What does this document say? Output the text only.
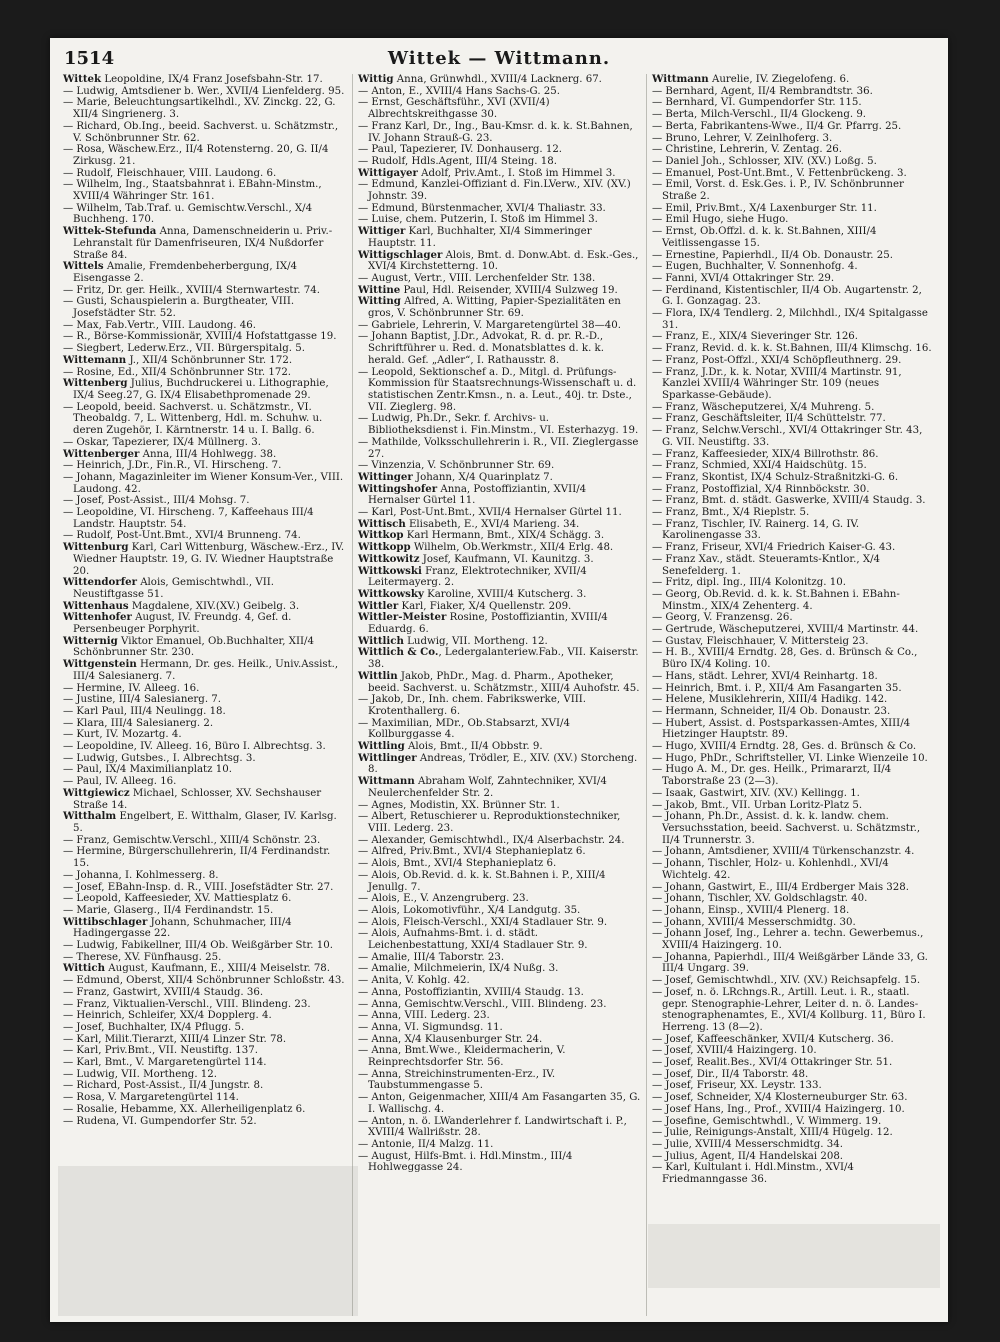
1514	Wittek — Wittmann.
Wittek Leopoldine, IX/4 Franz Josefsbahn-Str. 17.
— Ludwig, Amtsdiener b. Wer., XVII/4 Lienfelderg. 95.
— Marie, Beleuchtungsartikelhdl., XV. Zinckg. 22, G. XII/4 Singrienerg. 3.
— Richard, Ob.Ing., beeid. Sachverst. u. Schätzmstr., V. Schönbrunner Str. 62.
— Rosa, Wäschew.Erz., II/4 Rotensterng. 20, G. II/4 Zirkusg. 21.
— Rudolf, Fleischhauer, VIII. Laudong. 6.
— Wilhelm, Ing., Staatsbahnrat i. EBahn-Minstm., XVIII/4 Währinger Str. 161.
— Wilhelm, Tab.Traf. u. Gemischtw.Verschl., X/4 Buchheng. 170.
Wittek-Stefunda Anna, Damenschneiderin u. Priv.-Lehranstalt für Damenfriseuren, IX/4 Nußdorfer Straße 84.
Wittels Amalie, Fremdenbeherbergung, IX/4 Eisengasse 2.
— Fritz, Dr. ger. Heilk., XVIII/4 Sternwartestr. 74.
— Gusti, Schauspielerin a. Burgtheater, VIII. Josefstädter Str. 52.
— Max, Fab.Vertr., VIII. Laudong. 46.
— R., Börse-Kommissionär, XVIII/4 Hofstattgasse 19.
— Siegbert, Lederw.Erz., VII. Bürgerspitalg. 5.
Wittemann J., XII/4 Schönbrunner Str. 172.
— Rosine, Ed., XII/4 Schönbrunner Str. 172.
Wittenberg Julius, Buchdruckerei u. Lithographie, IX/4 Seeg.27, G. IX/4 Elisabethpromenade 29.
— Leopold, beeid. Sachverst. u. Schätzmstr., VI. Theobaldg. 7, L. Wittenberg, Hdl. m. Schuhw. u. deren Zugehör, I. Kärntnerstr. 14 u. I. Ballg. 6.
— Oskar, Tapezierer, IX/4 Müllnerg. 3.
Wittenberger Anna, III/4 Hohlwegg. 38.
— Heinrich, J.Dr., Fin.R., VI. Hirscheng. 7.
— Johann, Magazinleiter im Wiener Konsum-Ver., VIII. Laudong. 42.
— Josef, Post-Assist., III/4 Mohsg. 7.
— Leopoldine, VI. Hirscheng. 7, Kaffeehaus III/4 Landstr. Hauptstr. 54.
— Rudolf, Post-Unt.Bmt., XVI/4 Brunneng. 74.
Wittenburg Karl, Carl Wittenburg, Wäschew.-Erz., IV. Wiedner Hauptstr. 19, G. IV. Wiedner Hauptstraße 20.
Wittendorfer Alois, Gemischtwhdl., VII. Neustiftgasse 51.
Wittenhaus Magdalene, XIV.(XV.) Geibelg. 3.
Wittenhofer August, IV. Freundg. 4, Gef. d. Persenbeuger Porphyrit.
Witternig Viktor Emanuel, Ob.Buchhalter, XII/4 Schönbrunner Str. 230.
Wittgenstein Hermann, Dr. ges. Heilk., Univ.Assist., III/4 Salesianerg. 7.
— Hermine, IV. Alleeg. 16.
— Justine, III/4 Salesianerg. 7.
— Karl Paul, III/4 Neulingg. 18.
— Klara, III/4 Salesianerg. 2.
— Kurt, IV. Mozartg. 4.
— Leopoldine, IV. Alleeg. 16, Büro I. Albrechtsg. 3.
— Ludwig, Gutsbes., I. Albrechtsg. 3.
— Paul, IX/4 Maximilianplatz 10.
— Paul, IV. Alleeg. 16.
Wittgiewicz Michael, Schlosser, XV. Sechshauser Straße 14.
Witthalm Engelbert, E. Witthalm, Glaser, IV. Karlsg. 5.
— Franz, Gemischtw.Verschl., XIII/4 Schönstr. 23.
— Hermine, Bürgerschullehrerin, II/4 Ferdinandstr. 15.
— Johanna, I. Kohlmesserg. 8.
— Josef, EBahn-Insp. d. R., VIII. Josefstädter Str. 27.
— Leopold, Kaffeesieder, XV. Mattiesplatz 6.
— Marie, Glaserg., II/4 Ferdinandstr. 15.
Wittibschlager Johann, Schuhmacher, III/4 Hadingergasse 22.
— Ludwig, Fabikellner, III/4 Ob. Weißgärber Str. 10.
— Therese, XV. Fünfhausg. 25.
Wittich August, Kaufmann, E., XIII/4 Meiselstr. 78.
— Edmund, Oberst, XII/4 Schönbrunner Schloßstr. 43.
— Franz, Gastwirt, XVIII/4 Staudg. 36.
— Franz, Viktualien-Verschl., VIII. Blindeng. 23.
— Heinrich, Schleifer, XX/4 Dopplerg. 4.
— Josef, Buchhalter, IX/4 Pflugg. 5.
— Karl, Milit.Tierarzt, XIII/4 Linzer Str. 78.
— Karl, Priv.Bmt., VII. Neustiftg. 137.
— Karl, Bmt., V. Margaretengürtel 114.
— Ludwig, VII. Mortheng. 12.
— Richard, Post-Assist., II/4 Jungstr. 8.
— Rosa, V. Margaretengürtel 114.
— Rosalie, Hebamme, XX. Allerheiligenplatz 6.
— Rudena, VI. Gumpendorfer Str. 52.
Wittig Anna, Grünwhdl., XVIII/4 Lacknerg. 67.
— Anton, E., XVIII/4 Hans Sachs-G. 25.
— Ernst, Geschäftsführ., XVI (XVII/4) Albrechtskreithgasse 30.
— Franz Karl, Dr., Ing., Bau-Kmsr. d. k. k. St.Bahnen, IV. Johann Strauß-G. 23.
— Paul, Tapezierer, IV. Donhauserg. 12.
— Rudolf, Hdls.Agent, III/4 Steing. 18.
Wittigayer Adolf, Priv.Amt., I. Stoß im Himmel 3.
— Edmund, Kanzlei-Offiziant d. Fin.LVerw., XIV. (XV.) Johnstr. 39.
— Edmund, Bürstenmacher, XVI/4 Thaliastr. 33.
— Luise, chem. Putzerin, I. Stoß im Himmel 3.
Wittiger Karl, Buchhalter, XI/4 Simmeringer Hauptstr. 11.
Wittigschlager Alois, Bmt. d. Donw.Abt. d. Esk.-Ges., XVI/4 Kirchstetterng. 10.
— August, Vertr., VIII. Lerchenfelder Str. 138.
Wittine Paul, Hdl. Reisender, XVIII/4 Sulzweg 19.
Witting Alfred, A. Witting, Papier-Spezialitäten en gros, V. Schönbrunner Str. 69.
— Gabriele, Lehrerin, V. Margaretengürtel 38—40.
— Johann Baptist, J.Dr., Advokat, R. d. pr. R.-D., Schriftführer u. Red. d. Monatsblattes d. k. k. herald. Gef. „Adler“, I. Rathausstr. 8.
— Leopold, Sektionschef a. D., Mitgl. d. Prüfungs-Kommission für Staatsrechnungs-Wissenschaft u. d. statistischen Zentr.Kmsn., n. a. Leut., 40j. tr. Dste., VII. Zieglerg. 98.
— Ludwig, Ph.Dr., Sekr. f. Archivs- u. Bibliotheksdienst i. Fin.Minstm., VI. Esterhazyg. 19.
— Mathilde, Volksschullehrerin i. R., VII. Zieglergasse 27.
— Vinzenzia, V. Schönbrunner Str. 69.
Wittinger Johann, X/4 Quarinplatz 7.
Wittingshofer Anna, Postoffiziantin, XVII/4 Hernalser Gürtel 11.
— Karl, Post-Unt.Bmt., XVII/4 Hernalser Gürtel 11.
Wittisch Elisabeth, E., XVI/4 Marieng. 34.
Wittkop Karl Hermann, Bmt., XIX/4 Schägg. 3.
Wittkopp Wilhelm, Ob.Werkmstr., XII/4 Erlg. 48.
Wittkowitz Josef, Kaufmann, VI. Kaunitzg. 3.
Wittkowski Franz, Elektrotechniker, XVII/4 Leitermayerg. 2.
Wittkowsky Karoline, XVIII/4 Kutscherg. 3.
Wittler Karl, Fiaker, X/4 Quellenstr. 209.
Wittler-Meister Rosine, Postoffiziantin, XVIII/4 Eduardg. 6.
Wittlich Ludwig, VII. Mortheng. 12.
Wittlich & Co., Ledergalanteriew.Fab., VII. Kaiserstr. 38.
Wittlin Jakob, PhDr., Mag. d. Pharm., Apotheker, beeid. Sachverst. u. Schätzmstr., XIII/4 Auhofstr. 45.
— Jakob, Dr., Inh. chem. Fabrikswerke, VIII. Krotenthallerg. 6.
— Maximilian, MDr., Ob.Stabsarzt, XVI/4 Kollburggasse 4.
Wittling Alois, Bmt., II/4 Obbstr. 9.
Wittlinger Andreas, Trödler, E., XIV. (XV.) Storcheng. 8.
Wittmann Abraham Wolf, Zahntechniker, XVI/4 Neulerchenfelder Str. 2.
— Agnes, Modistin, XX. Brünner Str. 1.
— Albert, Retuschierer u. Reproduktionstechniker, VIII. Lederg. 23.
— Alexander, Gemischtwhdl., IX/4 Alserbachstr. 24.
— Alfred, Priv.Bmt., XVI/4 Stephanieplatz 6.
— Alois, Bmt., XVI/4 Stephanieplatz 6.
— Alois, Ob.Revid. d. k. k. St.Bahnen i. P., XIII/4 Jenullg. 7.
— Alois, E., V. Anzengruberg. 23.
— Alois, Lokomotivführ., X/4 Landgutg. 35.
— Alois, Fleisch-Verschl., XXI/4 Stadlauer Str. 9.
— Alois, Aufnahms-Bmt. i. d. städt. Leichenbestattung, XXI/4 Stadlauer Str. 9.
— Amalie, III/4 Taborstr. 23.
— Amalie, Milchmeierin, IX/4 Nußg. 3.
— Anita, V. Kohlg. 42.
— Anna, Postoffiziantin, XVIII/4 Staudg. 13.
— Anna, Gemischtw.Verschl., VIII. Blindeng. 23.
— Anna, VIII. Lederg. 23.
— Anna, VI. Sigmundsg. 11.
— Anna, X/4 Klausenburger Str. 24.
— Anna, Bmt.Wwe., Kleidermacherin, V. Reinprechtsdorfer Str. 56.
— Anna, Streichinstrumenten-Erz., IV. Taubstummengasse 5.
— Anton, Geigenmacher, XIII/4 Am Fasangarten 35, G. I. Wallischg. 4.
— Anton, n. ö. LWanderlehrer f. Landwirtschaft i. P., XVIII/4 Wallrißstr. 28.
— Antonie, II/4 Malzg. 11.
— August, Hilfs-Bmt. i. Hdl.Minstm., III/4 Hohlweggasse 24.
Wittmann Aurelie, IV. Ziegelofeng. 6.
— Bernhard, Agent, II/4 Rembrandtstr. 36.
— Bernhard, VI. Gumpendorfer Str. 115.
— Berta, Milch-Verschl., II/4 Glockeng. 9.
— Berta, Fabrikantens-Wwe., II/4 Gr. Pfarrg. 25.
— Bruno, Lehrer, V. Zeinlhoferg. 3.
— Christine, Lehrerin, V. Zentag. 26.
— Daniel Joh., Schlosser, XIV. (XV.) Loßg. 5.
— Emanuel, Post-Unt.Bmt., V. Fettenbrückeng. 3.
— Emil, Vorst. d. Esk.Ges. i. P., IV. Schönbrunner Straße 2.
— Emil, Priv.Bmt., X/4 Laxenburger Str. 11.
— Emil Hugo, siehe Hugo.
— Ernst, Ob.Offzl. d. k. k. St.Bahnen, XIII/4 Veitlissengasse 15.
— Ernestine, Papierhdl., II/4 Ob. Donaustr. 25.
— Eugen, Buchhalter, V. Sonnenhofg. 4.
— Fanni, XVI/4 Ottakringer Str. 29.
— Ferdinand, Kistentischler, II/4 Ob. Augartenstr. 2, G. I. Gonzagag. 23.
— Flora, IX/4 Tendlerg. 2, Milchhdl., IX/4 Spitalgasse 31.
— Franz, E., XIX/4 Sieveringer Str. 126.
— Franz, Revid. d. k. k. St.Bahnen, III/4 Klimschg. 16.
— Franz, Post-Offzl., XXI/4 Schöpfleuthnerg. 29.
— Franz, J.Dr., k. k. Notar, XVIII/4 Martinstr. 91, Kanzlei XVIII/4 Währinger Str. 109 (neues Sparkasse-Gebäude).
— Franz, Wäscheputzerei, X/4 Muhreng. 5.
— Franz, Geschäftsleiter, II/4 Schüttelstr. 77.
— Franz, Selchw.Verschl., XVI/4 Ottakringer Str. 43, G. VII. Neustiftg. 33.
— Franz, Kaffeesieder, XIX/4 Billrothstr. 86.
— Franz, Schmied, XXI/4 Haidschütg. 15.
— Franz, Skontist, IX/4 Schulz-Straßnitzki-G. 6.
— Franz, Postoffizial, X/4 Rinnböckstr. 30.
— Franz, Bmt. d. städt. Gaswerke, XVIII/4 Staudg. 3.
— Franz, Bmt., X/4 Rieplstr. 5.
— Franz, Tischler, IV. Rainerg. 14, G. IV. Karolinengasse 33.
— Franz, Friseur, XVI/4 Friedrich Kaiser-G. 43.
— Franz Xav., städt. Steueramts-Kntlor., X/4 Senefelderg. 1.
— Fritz, dipl. Ing., III/4 Kolonitzg. 10.
— Georg, Ob.Revid. d. k. k. St.Bahnen i. EBahn-Minstm., XIX/4 Zehenterg. 4.
— Georg, V. Franzensg. 26.
— Gertrude, Wäscheputzerei, XVIII/4 Martinstr. 44.
— Gustav, Fleischhauer, V. Mittersteig 23.
— H. B., XVIII/4 Erndtg. 28, Ges. d. Brünsch & Co., Büro IX/4 Koling. 10.
— Hans, städt. Lehrer, XVI/4 Reinhartg. 18.
— Heinrich, Bmt. i. P., XII/4 Am Fasangarten 35.
— Helene, Musiklehrerin, XIII/4 Hadikg. 142.
— Hermann, Schneider, II/4 Ob. Donaustr. 23.
— Hubert, Assist. d. Postsparkassen-Amtes, XIII/4 Hietzinger Hauptstr. 89.
— Hugo, XVIII/4 Erndtg. 28, Ges. d. Brünsch & Co.
— Hugo, PhDr., Schriftsteller, VI. Linke Wienzeile 10.
— Hugo A. M., Dr. ges. Heilk., Primararzt, II/4 Taborstraße 23 (2—3).
— Isaak, Gastwirt, XIV. (XV.) Kellingg. 1.
— Jakob, Bmt., VII. Urban Loritz-Platz 5.
— Johann, Ph.Dr., Assist. d. k. k. landw. chem. Versuchsstation, beeid. Sachverst. u. Schätzmstr., II/4 Trunnerstr. 3.
— Johann, Amtsdiener, XVIII/4 Türkenschanzstr. 4.
— Johann, Tischler, Holz- u. Kohlenhdl., XVI/4 Wichtelg. 42.
— Johann, Gastwirt, E., III/4 Erdberger Mais 328.
— Johann, Tischler, XV. Goldschlagstr. 40.
— Johann, Einsp., XVIII/4 Plenerg. 18.
— Johann, XVIII/4 Messerschmidtg. 30.
— Johann Josef, Ing., Lehrer a. techn. Gewerbemus., XVIII/4 Haizingerg. 10.
— Johanna, Papierhdl., III/4 Weißgärber Lände 33, G. III/4 Ungarg. 39.
— Josef, Gemischtwhdl., XIV. (XV.) Reichsapfelg. 15.
— Josef, n. ö. LRchngs.R., Artill. Leut. i. R., staatl. gepr. Stenographie-Lehrer, Leiter d. n. ö. Landes-stenographenamtes, E., XVI/4 Kollburg. 11, Büro I. Herreng. 13 (8—2).
— Josef, Kaffeeschänker, XVII/4 Kutscherg. 36.
— Josef, XVIII/4 Haizingerg. 10.
— Josef, Realit.Bes., XVI/4 Ottakringer Str. 51.
— Josef, Dir., II/4 Taborstr. 48.
— Josef, Friseur, XX. Leystr. 133.
— Josef, Schneider, X/4 Klosterneuburger Str. 63.
— Josef Hans, Ing., Prof., XVIII/4 Haizingerg. 10.
— Josefine, Gemischtwhdl., V. Wimmerg. 19.
— Julie, Reinigungs-Anstalt, XIII/4 Hügelg. 12.
— Julie, XVIII/4 Messerschmidtg. 34.
— Julius, Agent, II/4 Handelskai 208.
— Karl, Kultulant i. Hdl.Minstm., XVI/4 Friedmanngasse 36.
